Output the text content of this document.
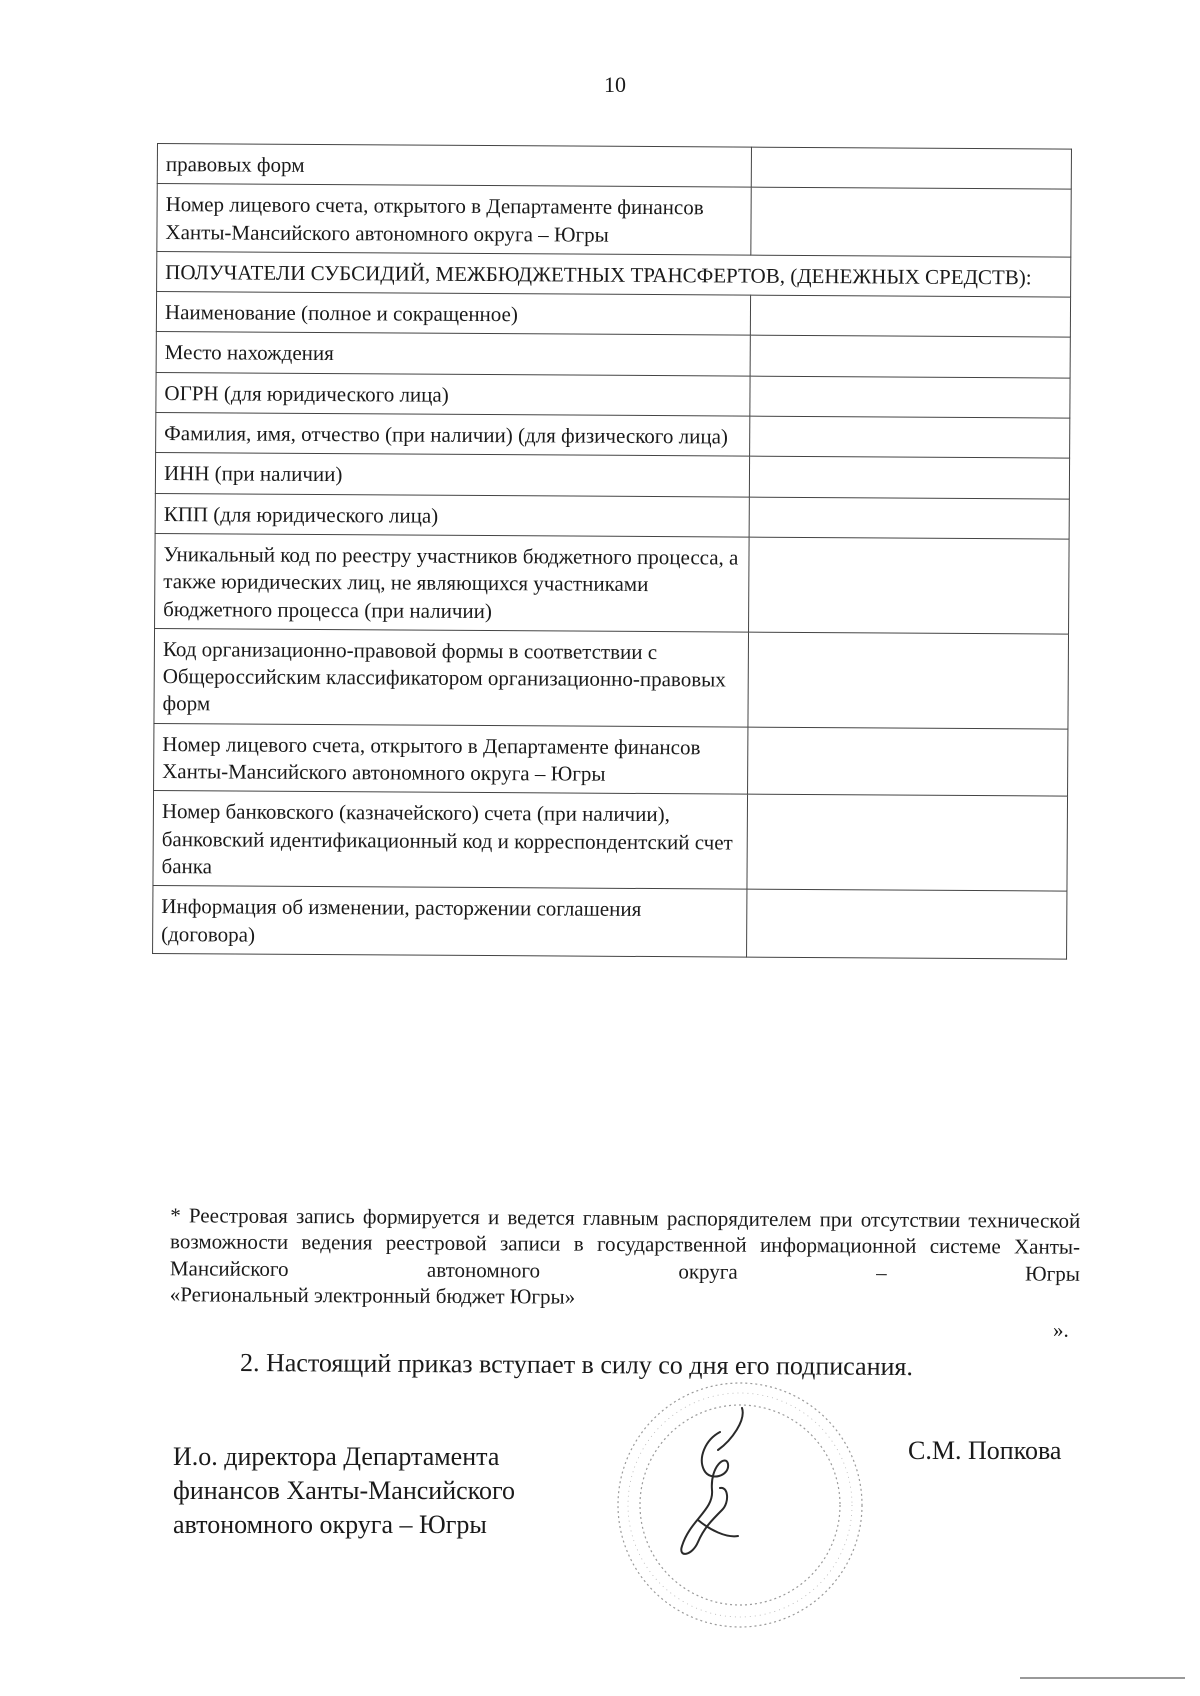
10
правовых форм	
Номер лицевого счета, открытого в Департаменте финансов Ханты-Мансийского автономного округа – Югры	
ПОЛУЧАТЕЛИ СУБСИДИЙ, МЕЖБЮДЖЕТНЫХ ТРАНСФЕРТОВ, (ДЕНЕЖНЫХ СРЕДСТВ):	
Наименование (полное и сокращенное)	
Место нахождения	
ОГРН (для юридического лица)	
Фамилия, имя, отчество (при наличии) (для физического лица)	
ИНН (при наличии)	
КПП (для юридического лица)	
Уникальный код по реестру участников бюджетного процесса, а также юридических лиц, не являющихся участниками бюджетного процесса (при наличии)	
Код организационно-правовой формы в соответствии с Общероссийским классификатором организационно-правовых форм	
Номер лицевого счета, открытого в Департаменте финансов Ханты-Мансийского автономного округа – Югры	
Номер банковского (казначейского) счета (при наличии), банковский идентификационный код и корреспондентский счет банка	
Информация об изменении, расторжении соглашения (договора)	
* Реестровая запись формируется и ведется главным распорядителем при отсутствии технической возможности ведения реестровой записи в государственной информационной системе Ханты-Мансийского автономного округа – Югры
«Региональный электронный бюджет Югры»
».
2. Настоящий приказ вступает в силу со дня его подписания.
И.о. директора Департамента
финансов Ханты-Мансийского
автономного округа – Югры
С.М. Попкова
